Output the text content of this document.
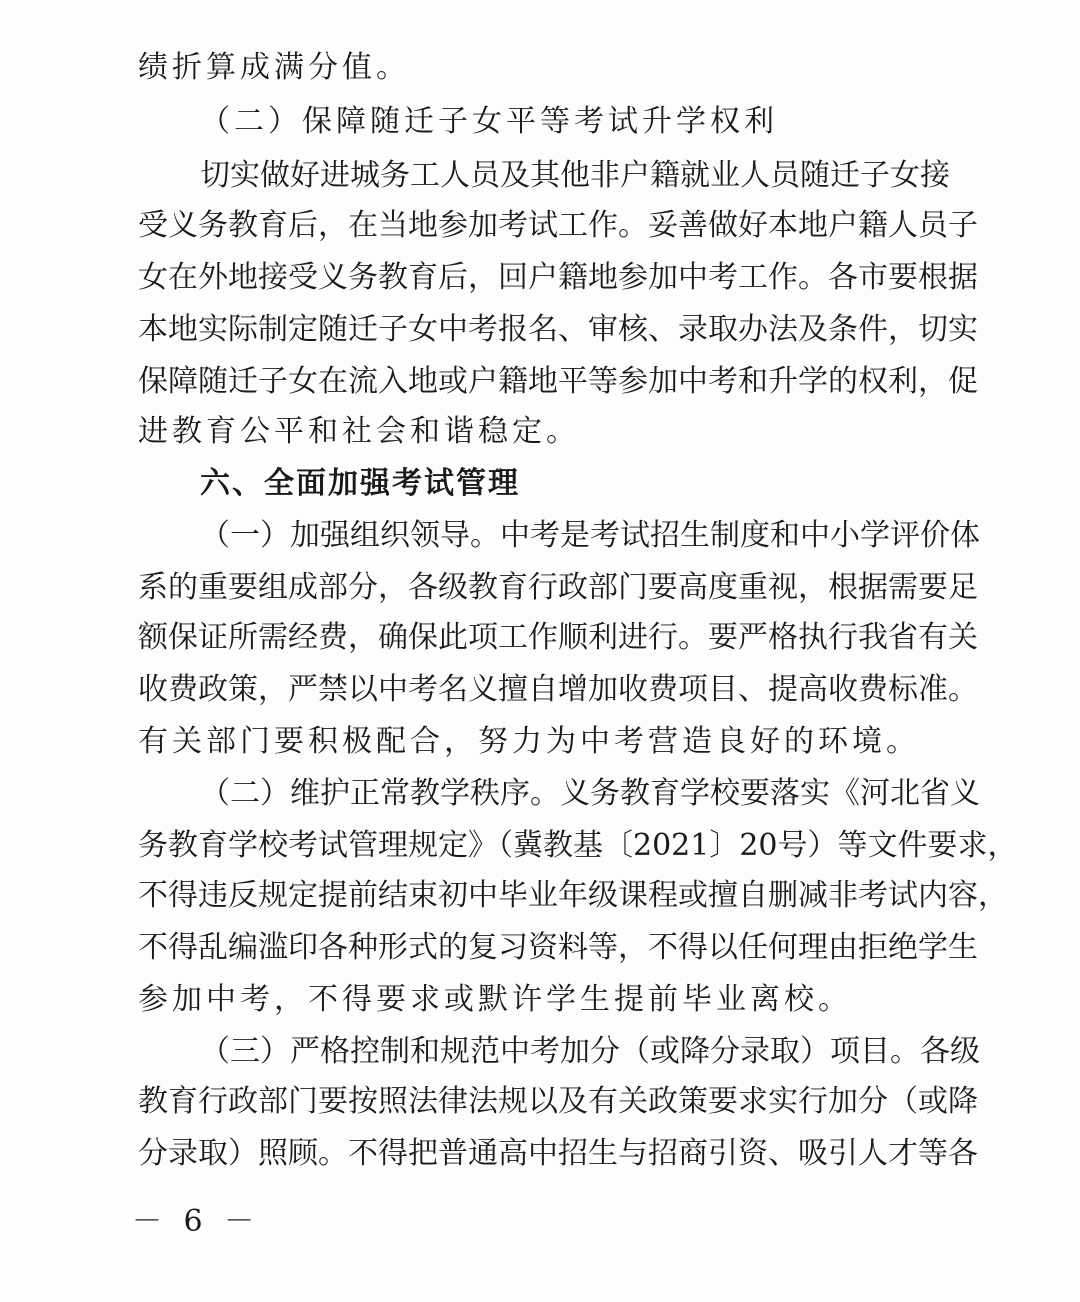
绩折算成满分值。
（二）保障随迁子女平等考试升学权利
切实做好进城务工人员及其他非户籍就业人员随迁子女接
受义务教育后，在当地参加考试工作。妥善做好本地户籍人员子
女在外地接受义务教育后，回户籍地参加中考工作。各市要根据
本地实际制定随迁子女中考报名、审核、录取办法及条件，切实
保障随迁子女在流入地或户籍地平等参加中考和升学的权利，促
进教育公平和社会和谐稳定。
六、全面加强考试管理
（一）加强组织领导。中考是考试招生制度和中小学评价体
系的重要组成部分，各级教育行政部门要高度重视，根据需要足
额保证所需经费，确保此项工作顺利进行。要严格执行我省有关
收费政策，严禁以中考名义擅自增加收费项目、提高收费标准。
有关部门要积极配合，努力为中考营造良好的环境。
（二）维护正常教学秩序。义务教育学校要落实《河北省义
务教育学校考试管理规定》（冀教基〔2021〕20号）等文件要求，
不得违反规定提前结束初中毕业年级课程或擅自删减非考试内容，
不得乱编滥印各种形式的复习资料等，不得以任何理由拒绝学生
参加中考，不得要求或默许学生提前毕业离校。
（三）严格控制和规范中考加分（或降分录取）项目。各级
教育行政部门要按照法律法规以及有关政策要求实行加分（或降
分录取）照顾。不得把普通高中招生与招商引资、吸引人才等各
－ 6 －
